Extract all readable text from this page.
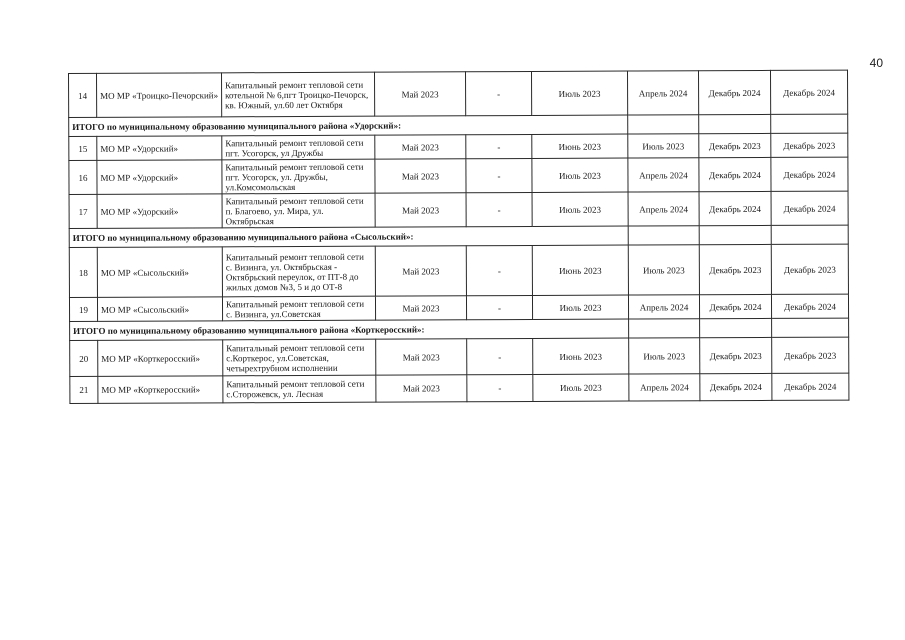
40
14	МО МР «Троицко-Печорский»	Капитальный ремонт тепловой сети котельной № 6,пгт Троицко-Печорск, кв. Южный, ул.60 лет Октября	Май 2023	-	Июль 2023	Апрель 2024	Декабрь 2024	Декабрь 2024
ИТОГО по муниципальному образованию муниципального района «Удорский»:								
15	МО МР «Удорский»	Капитальный ремонт тепловой сети пгт. Усогорск, ул Дружбы	Май 2023	-	Июнь 2023	Июль 2023	Декабрь 2023	Декабрь 2023
16	МО МР «Удорский»	Капитальный ремонт тепловой сети пгт. Усогорск, ул. Дружбы, ул.Комсомольская	Май 2023	-	Июль 2023	Апрель 2024	Декабрь 2024	Декабрь 2024
17	МО МР «Удорский»	Капитальный ремонт тепловой сети п. Благоево, ул. Мира, ул. Октябрьская	Май 2023	-	Июль 2023	Апрель 2024	Декабрь 2024	Декабрь 2024
ИТОГО по муниципальному образованию муниципального района «Сысольский»:								
18	МО МР «Сысольский»	Капитальный ремонт тепловой сети с. Визинга, ул. Октябрьская - Октябрьский переулок, от ПТ-8 до жилых домов №3, 5 и до ОТ-8	Май 2023	-	Июнь 2023	Июль 2023	Декабрь 2023	Декабрь 2023
19	МО МР «Сысольский»	Капитальный ремонт тепловой сети с. Визинга, ул.Советская	Май 2023	-	Июль 2023	Апрель 2024	Декабрь 2024	Декабрь 2024
ИТОГО по муниципальному образованию муниципального района «Корткеросский»:								
20	МО МР «Корткеросский»	Капитальный ремонт тепловой сети с.Корткерос, ул.Советская, четырехтрубном исполнении	Май 2023	-	Июнь 2023	Июль 2023	Декабрь 2023	Декабрь 2023
21	МО МР «Корткеросский»	Капитальный ремонт тепловой сети с.Сторожевск, ул. Лесная	Май 2023	-	Июль 2023	Апрель 2024	Декабрь 2024	Декабрь 2024
